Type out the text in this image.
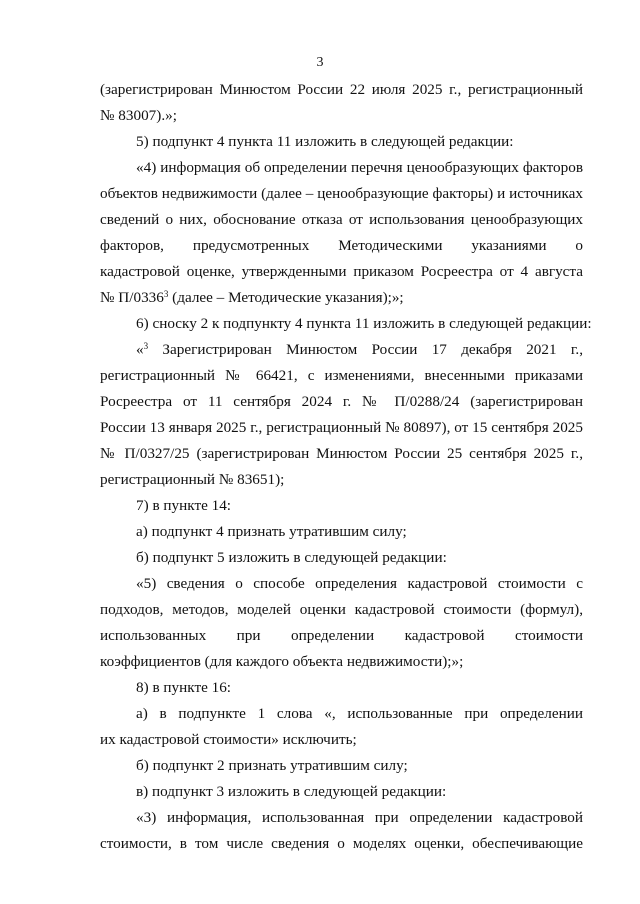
3
(зарегистрирован Минюстом России 22 июля 2025 г., регистрационный
№ 83007).»;
5) подпункт 4 пункта 11 изложить в следующей редакции:
«4) информация об определении перечня ценообразующих факторов
объектов недвижимости (далее – ценообразующие факторы) и источниках
сведений о них, обоснование отказа от использования ценообразующих
факторов, предусмотренных Методическими указаниями о
кадастровой оценке, утвержденными приказом Росреестра от 4 августа
№ П/0336$^3$ (далее – Методические указания);»;
6) сноску 2 к подпункту 4 пункта 11 изложить в следующей редакции:
«$^3$ Зарегистрирован Минюстом России 17 декабря 2021 г.,
регистрационный № 66421, с изменениями, внесенными приказами
Росреестра от 11 сентября 2024 г. № П/0288/24 (зарегистрирован
России 13 января 2025 г., регистрационный № 80897), от 15 сентября 2025
№ П/0327/25 (зарегистрирован Минюстом России 25 сентября 2025 г.,
регистрационный № 83651);
7) в пункте 14:
а) подпункт 4 признать утратившим силу;
б) подпункт 5 изложить в следующей редакции:
«5) сведения о способе определения кадастровой стоимости с
подходов, методов, моделей оценки кадастровой стоимости (формул),
использованных при определении кадастровой стоимости
коэффициентов (для каждого объекта недвижимости);»;
8) в пункте 16:
а) в подпункте 1 слова «, использованные при определении
их кадастровой стоимости» исключить;
б) подпункт 2 признать утратившим силу;
в) подпункт 3 изложить в следующей редакции:
«3) информация, использованная при определении кадастровой
стоимости, в том числе сведения о моделях оценки, обеспечивающие
